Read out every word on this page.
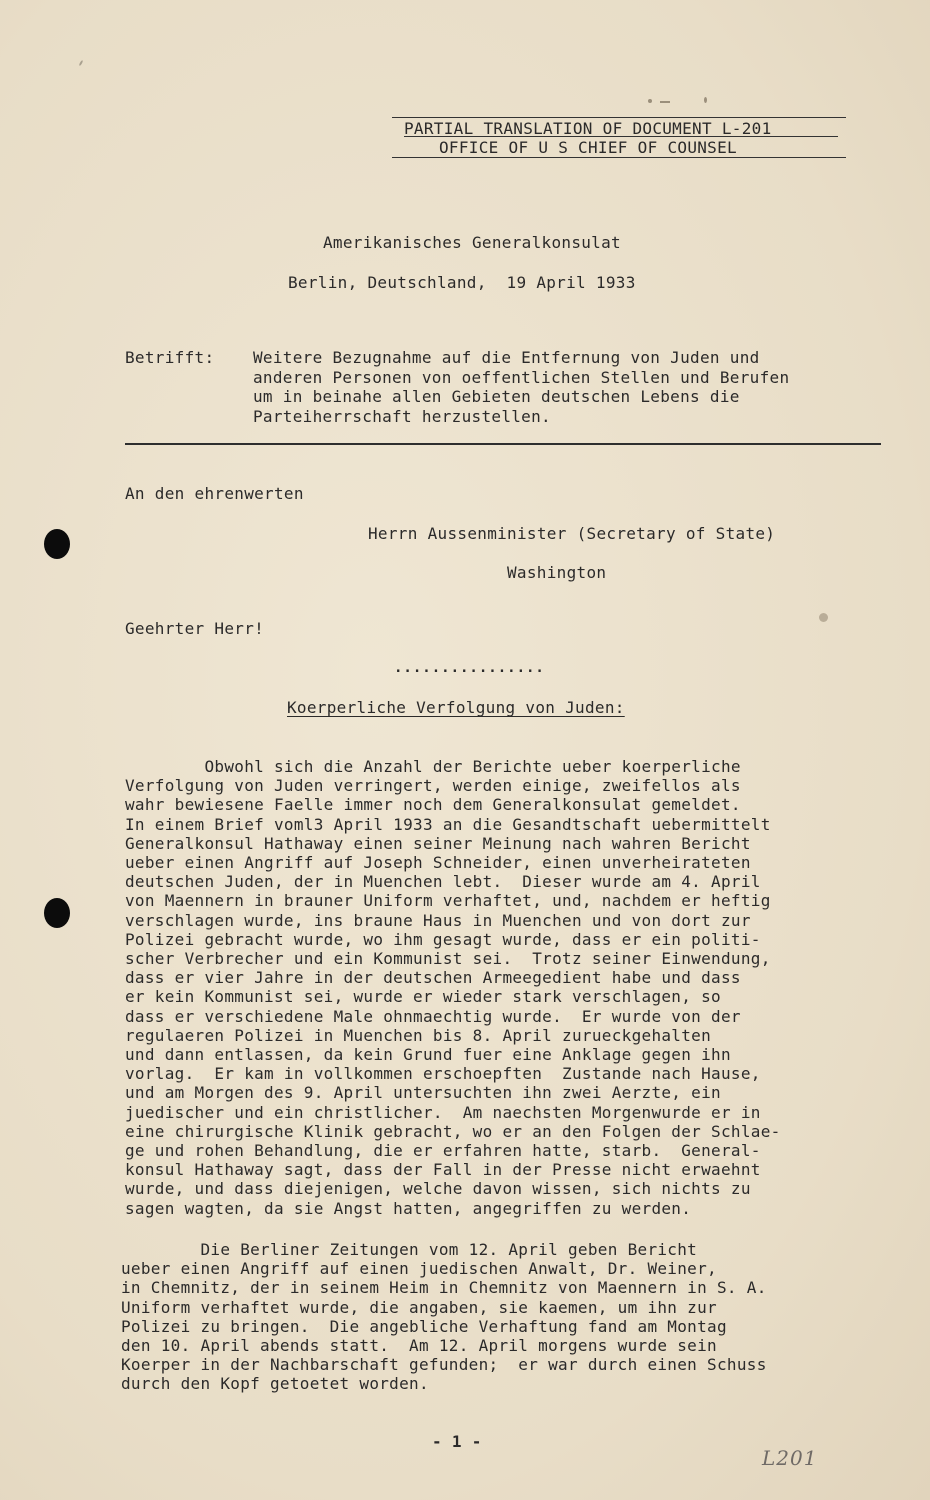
PARTIAL TRANSLATION OF DOCUMENT L-201
OFFICE OF U S CHIEF OF COUNSEL
Amerikanisches Generalkonsulat
Berlin, Deutschland,  19 April 1933
Betrifft: Weitere Bezugnahme auf die Entfernung von Juden und
anderen Personen von oeffentlichen Stellen und Berufen
um in beinahe allen Gebieten deutschen Lebens die
Parteiherrschaft herzustellen.
An den ehrenwerten
Herrn Aussenminister (Secretary of State)
Washington
Geehrter Herr!
................
Koerperliche Verfolgung von Juden:
Obwohl sich die Anzahl der Berichte ueber koerperliche
Verfolgung von Juden verringert, werden einige, zweifellos als
wahr bewiesene Faelle immer noch dem Generalkonsulat gemeldet.
In einem Brief voml3 April 1933 an die Gesandtschaft uebermittelt
Generalkonsul Hathaway einen seiner Meinung nach wahren Bericht
ueber einen Angriff auf Joseph Schneider, einen unverheirateten
deutschen Juden, der in Muenchen lebt.  Dieser wurde am 4. April
von Maennern in brauner Uniform verhaftet, und, nachdem er heftig
verschlagen wurde, ins braune Haus in Muenchen und von dort zur
Polizei gebracht wurde, wo ihm gesagt wurde, dass er ein politi-
scher Verbrecher und ein Kommunist sei.  Trotz seiner Einwendung,
dass er vier Jahre in der deutschen Armeegedient habe und dass
er kein Kommunist sei, wurde er wieder stark verschlagen, so
dass er verschiedene Male ohnmaechtig wurde.  Er wurde von der
regulaeren Polizei in Muenchen bis 8. April zurueckgehalten
und dann entlassen, da kein Grund fuer eine Anklage gegen ihn
vorlag.  Er kam in vollkommen erschoepften  Zustande nach Hause,
und am Morgen des 9. April untersuchten ihn zwei Aerzte, ein
juedischer und ein christlicher.  Am naechsten Morgenwurde er in
eine chirurgische Klinik gebracht, wo er an den Folgen der Schlae-
ge und rohen Behandlung, die er erfahren hatte, starb.  General-
konsul Hathaway sagt, dass der Fall in der Presse nicht erwaehnt
wurde, und dass diejenigen, welche davon wissen, sich nichts zu
sagen wagten, da sie Angst hatten, angegriffen zu werden.
Die Berliner Zeitungen vom 12. April geben Bericht
ueber einen Angriff auf einen juedischen Anwalt, Dr. Weiner,
in Chemnitz, der in seinem Heim in Chemnitz von Maennern in S. A.
Uniform verhaftet wurde, die angaben, sie kaemen, um ihn zur
Polizei zu bringen.  Die angebliche Verhaftung fand am Montag
den 10. April abends statt.  Am 12. April morgens wurde sein
Koerper in der Nachbarschaft gefunden;  er war durch einen Schuss
durch den Kopf getoetet worden.
- 1 -
L201
